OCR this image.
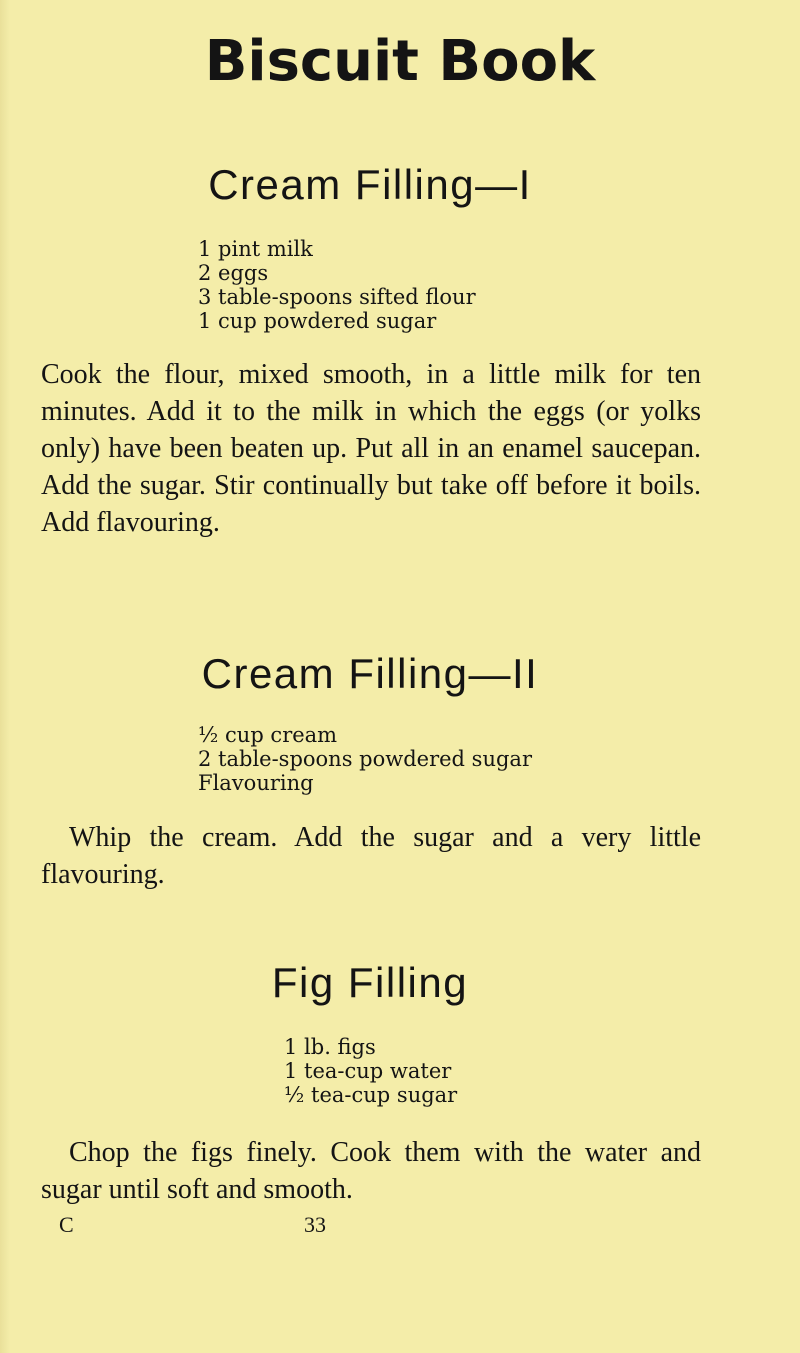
Biscuit Book
Cream Filling—I
1 pint milk
2 eggs
3 table-spoons sifted flour
1 cup powdered sugar

Cook the flour, mixed smooth, in a little milk for ten minutes. Add it to the milk in which the eggs (or yolks only) have been beaten up. Put all in an enamel saucepan. Add the sugar. Stir continually but take off before it boils. Add flavouring.

Cream Filling—II
½ cup cream
2 table-spoons powdered sugar
Flavouring

Whip the cream. Add the sugar and a very little flavouring.

Fig Filling
1 lb. figs
1 tea-cup water
½ tea-cup sugar

Chop the figs finely. Cook them with the water and sugar until soft and smooth.

C	33
